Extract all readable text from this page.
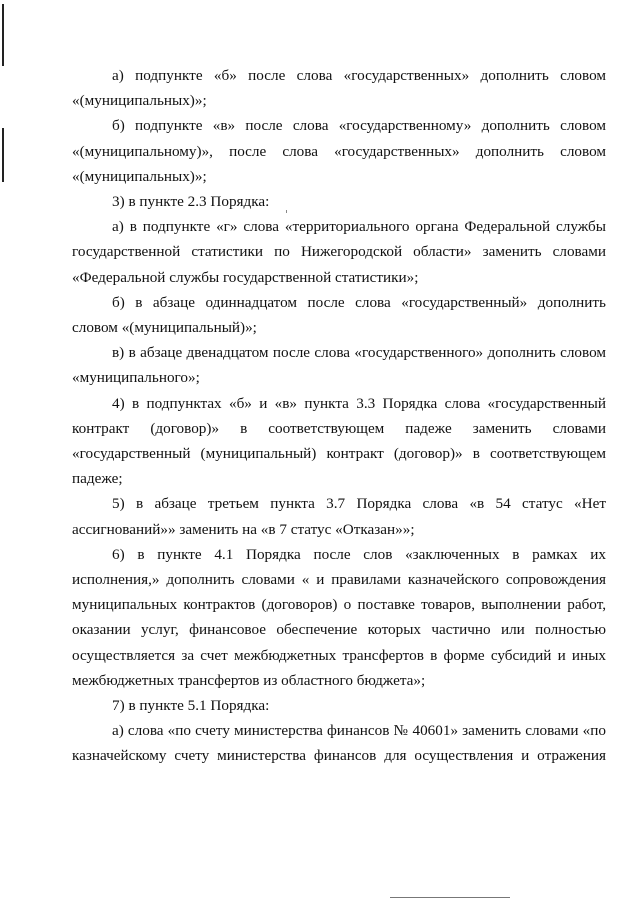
а) подпункте «б» после слова «государственных» дополнить словом «(муниципальных)»;

б) подпункте «в» после слова «государственному» дополнить словом «(муниципальному)», после слова «государственных» дополнить словом «(муниципальных)»;

3) в пункте 2.3 Порядка:

а) в подпункте «г» слова «территориального органа Федеральной службы государственной статистики по Нижегородской области» заменить словами «Федеральной службы государственной статистики»;

б) в абзаце одиннадцатом после слова «государственный» дополнить словом «(муниципальный)»;

в) в абзаце двенадцатом после слова «государственного» дополнить словом «муниципального»;

4) в подпунктах «б» и «в» пункта 3.3 Порядка слова «государственный контракт (договор)» в соответствующем падеже заменить словами «государственный (муниципальный) контракт (договор)» в соответствующем падеже;

5) в абзаце третьем пункта 3.7 Порядка слова «в 54 статус «Нет ассигнований»» заменить на «в 7 статус «Отказан»»;

6) в пункте 4.1 Порядка после слов «заключенных в рамках их исполнения,» дополнить словами « и правилами казначейского сопровождения муниципальных контрактов (договоров) о поставке товаров, выполнении работ, оказании услуг, финансовое обеспечение которых частично или полностью осуществляется за счет межбюджетных трансфертов в форме субсидий и иных межбюджетных трансфертов из областного бюджета»;

7) в пункте 5.1 Порядка:

а) слова «по счету министерства финансов № 40601» заменить словами «по казначейскому счету министерства финансов для осуществления и отражения
